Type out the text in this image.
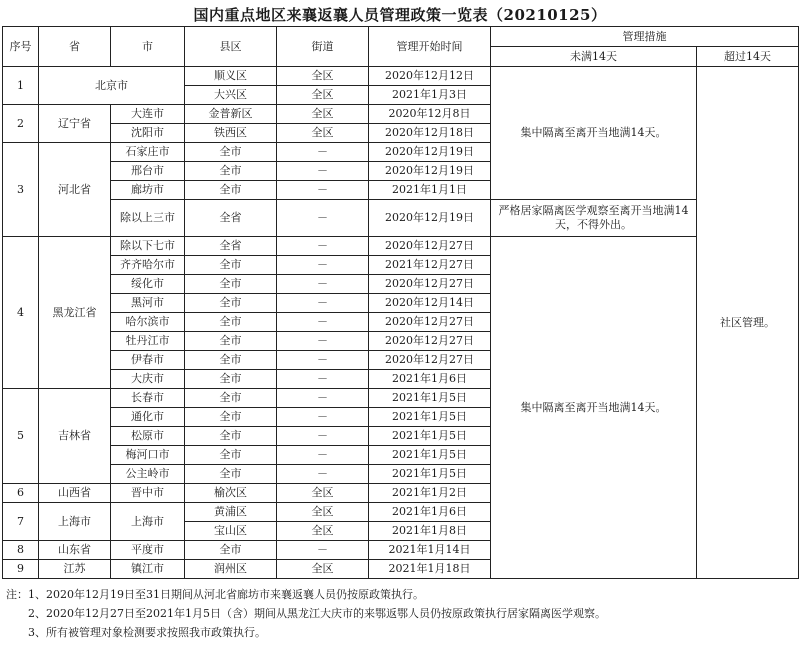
国内重点地区来襄返襄人员管理政策一览表（20210125）
序号	省	市	县区	街道	管理开始时间	管理措施	
						未满14天	超过14天
1	北京市		顺义区	全区	2020年12月12日	集中隔离至离开当地满14天。	社区管理。
			大兴区	全区	2021年1月3日		
2	辽宁省	大连市	金普新区	全区	2020年12月8日		
		沈阳市	铁西区	全区	2020年12月18日		
3	河北省	石家庄市	全市	－	2020年12月19日		
		邢台市	全市	－	2020年12月19日		
		廊坊市	全市	－	2021年1月1日		
		除以上三市	全省	－	2020年12月19日	严格居家隔离医学观察至离开当地满14天，不得外出。	
4	黑龙江省	除以下七市	全省	－	2020年12月27日	集中隔离至离开当地满14天。	
		齐齐哈尔市	全市	－	2021年12月27日		
		绥化市	全市	－	2020年12月27日		
		黑河市	全市	－	2020年12月14日		
		哈尔滨市	全市	－	2020年12月27日		
		牡丹江市	全市	－	2020年12月27日		
		伊春市	全市	－	2020年12月27日		
		大庆市	全市	－	2021年1月6日		
5	吉林省	长春市	全市	－	2021年1月5日		
		通化市	全市	－	2021年1月5日		
		松原市	全市	－	2021年1月5日		
		梅河口市	全市	－	2021年1月5日		
		公主岭市	全市	－	2021年1月5日		
6	山西省	晋中市	榆次区	全区	2021年1月2日		
7	上海市	上海市	黄浦区	全区	2021年1月6日		
			宝山区	全区	2021年1月8日		
8	山东省	平度市	全市	－	2021年1月14日		
9	江苏	镇江市	润州区	全区	2021年1月18日		
注：1、2020年12月19日至31日期间从河北省廊坊市来襄返襄人员仍按原政策执行。
2、2020年12月27日至2021年1月5日（含）期间从黑龙江大庆市的来鄂返鄂人员仍按原政策执行居家隔离医学观察。
3、所有被管理对象检测要求按照我市政策执行。
